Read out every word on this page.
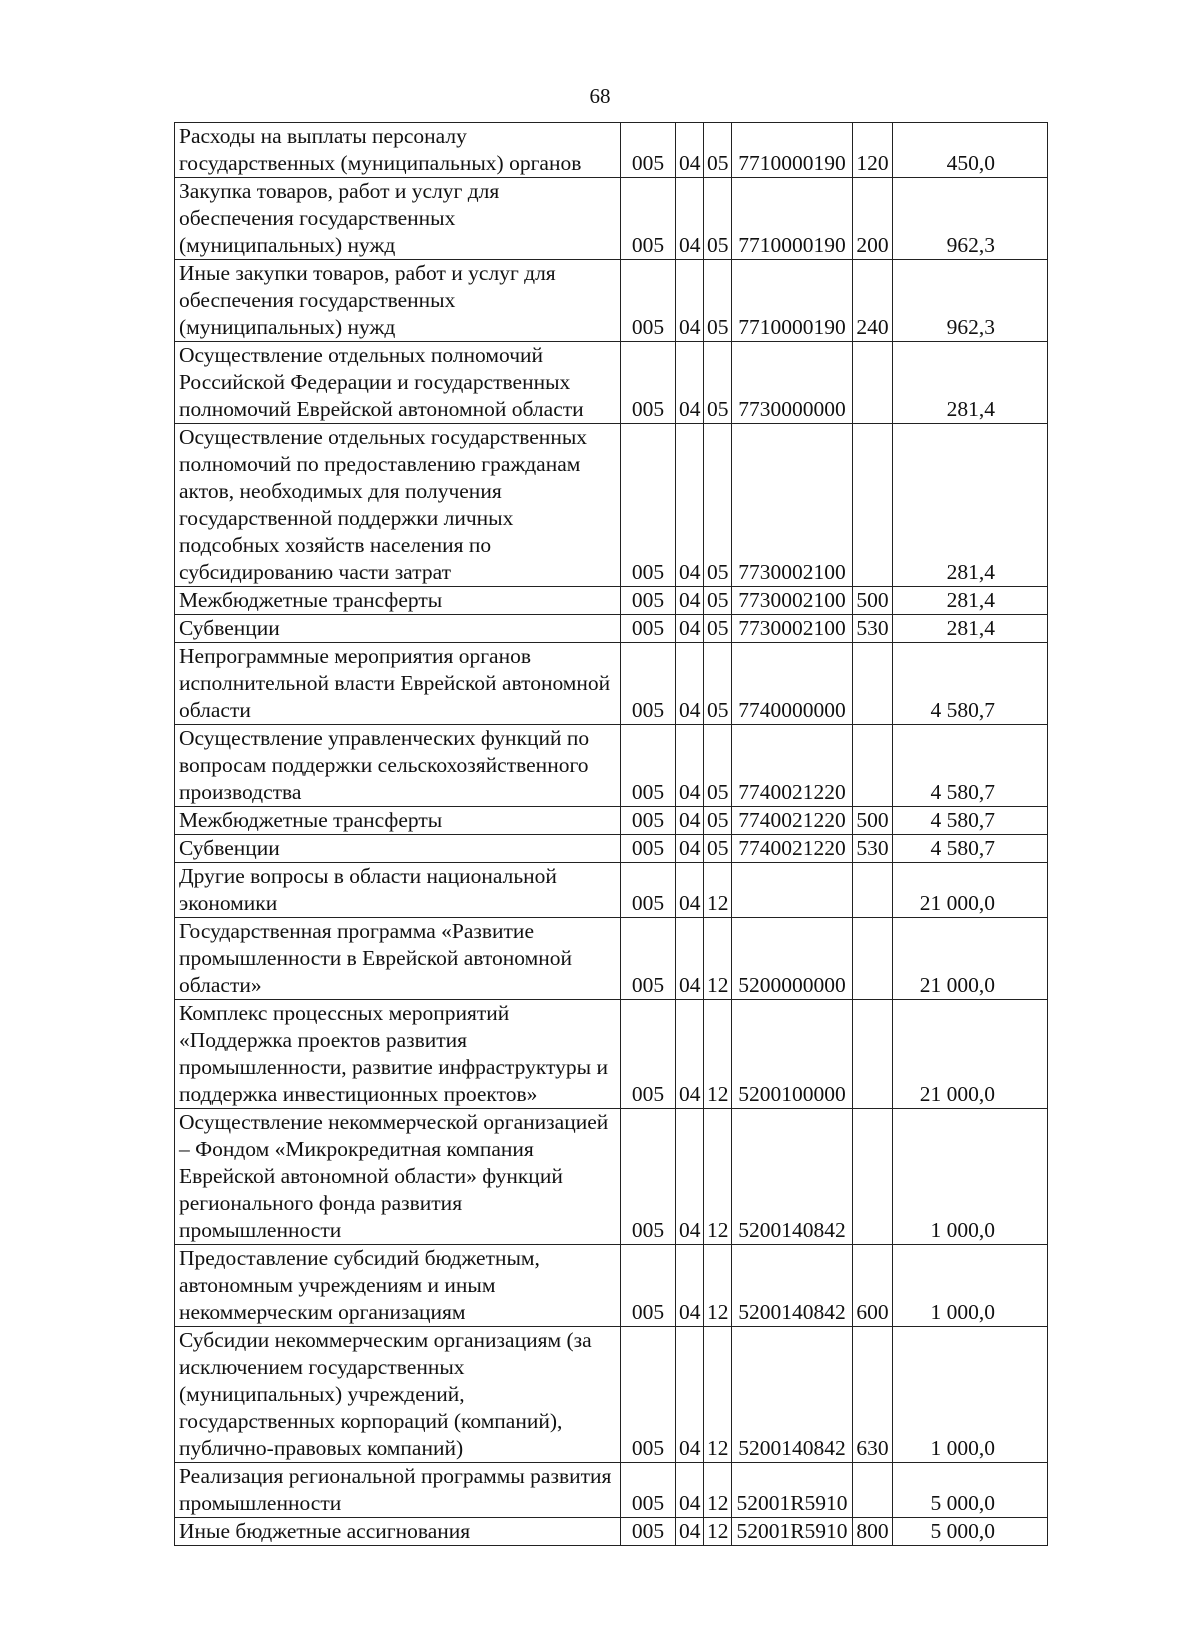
68
Расходы на выплаты персоналу государственных (муниципальных) органов	005	04	05	7710000190	120	450,0
Закупка товаров, работ и услуг для обеспечения государственных (муниципальных) нужд	005	04	05	7710000190	200	962,3
Иные закупки товаров, работ и услуг для обеспечения государственных (муниципальных) нужд	005	04	05	7710000190	240	962,3
Осуществление отдельных полномочий Российской Федерации и государственных полномочий Еврейской автономной области	005	04	05	7730000000		281,4
Осуществление отдельных государственных полномочий по предоставлению гражданам актов, необходимых для получения государственной поддержки личных подсобных хозяйств населения по субсидированию части затрат	005	04	05	7730002100		281,4
Межбюджетные трансферты	005	04	05	7730002100	500	281,4
Субвенции	005	04	05	7730002100	530	281,4
Непрограммные мероприятия органов исполнительной власти Еврейской автономной области	005	04	05	7740000000		4 580,7
Осуществление управленческих функций по вопросам поддержки сельскохозяйственного производства	005	04	05	7740021220		4 580,7
Межбюджетные трансферты	005	04	05	7740021220	500	4 580,7
Субвенции	005	04	05	7740021220	530	4 580,7
Другие вопросы в области национальной экономики	005	04	12			21 000,0
Государственная программа «Развитие промышленности в Еврейской автономной области»	005	04	12	5200000000		21 000,0
Комплекс процессных мероприятий «Поддержка проектов развития промышленности, развитие инфраструктуры и поддержка инвестиционных проектов»	005	04	12	5200100000		21 000,0
Осуществление некоммерческой организацией – Фондом «Микрокредитная компания Еврейской автономной области» функций регионального фонда развития промышленности	005	04	12	5200140842		1 000,0
Предоставление субсидий бюджетным, автономным учреждениям и иным некоммерческим организациям	005	04	12	5200140842	600	1 000,0
Субсидии некоммерческим организациям (за исключением государственных (муниципальных) учреждений, государственных корпораций (компаний), публично-правовых компаний)	005	04	12	5200140842	630	1 000,0
Реализация региональной программы развития промышленности	005	04	12	52001R5910		5 000,0
Иные бюджетные ассигнования	005	04	12	52001R5910	800	5 000,0
